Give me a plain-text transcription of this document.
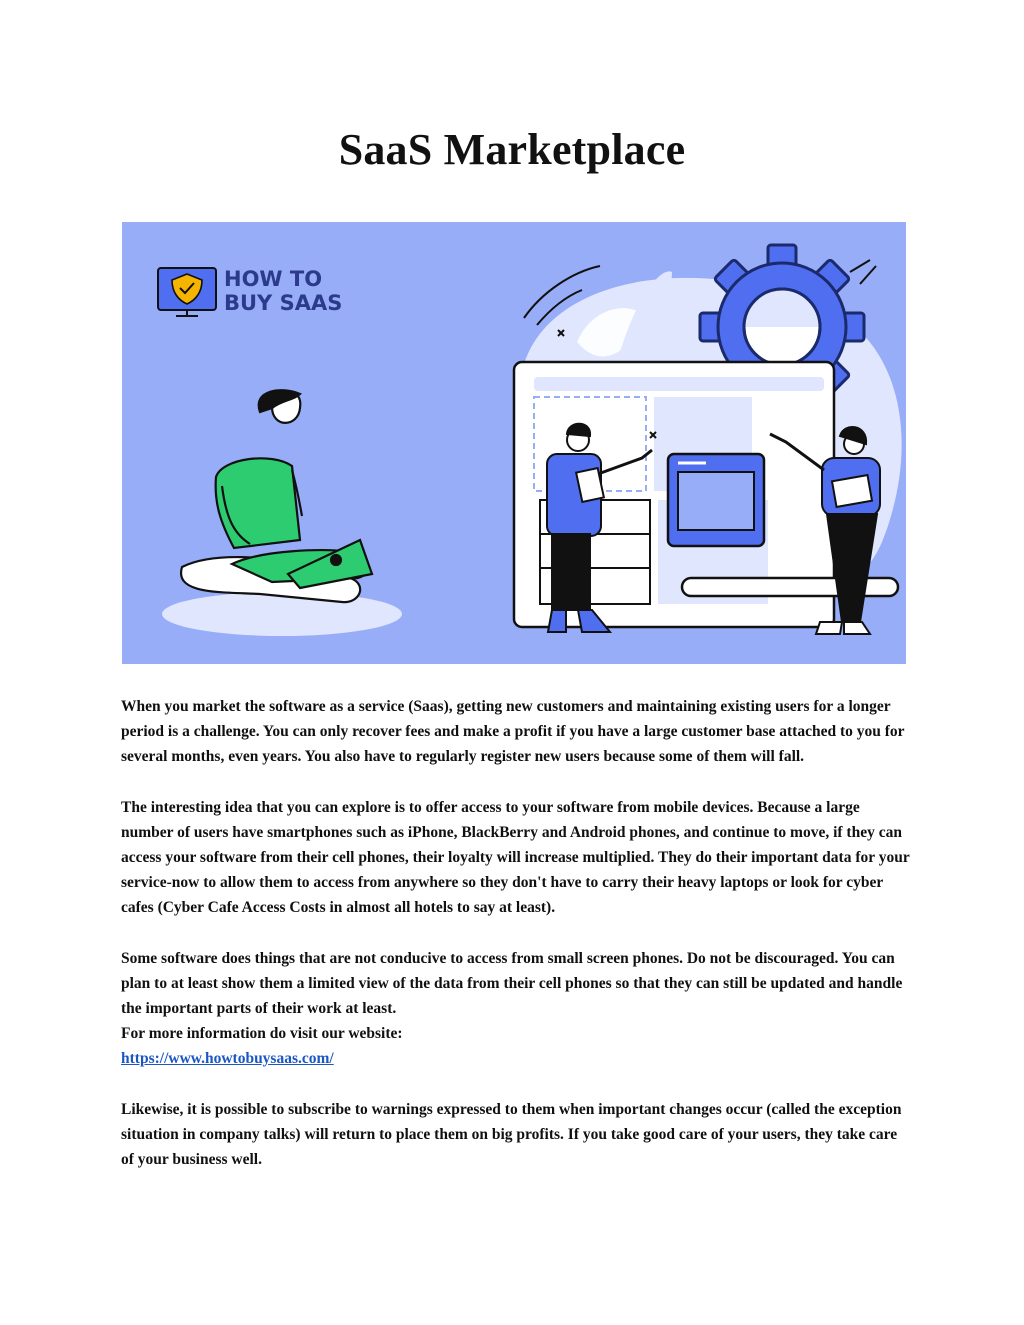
SaaS Marketplace
HOW TO
BUY SAAS

When you market the software as a service (Saas), getting new customers and maintaining existing users for a longer period is a challenge. You can only recover fees and make a profit if you have a large customer base attached to you for several months, even years. You also have to regularly register new users because some of them will fall.

The interesting idea that you can explore is to offer access to your software from mobile devices. Because a large number of users have smartphones such as iPhone, BlackBerry and Android phones, and continue to move, if they can access your software from their cell phones, their loyalty will increase multiplied. They do their important data for your service-now to allow them to access from anywhere so they don't have to carry their heavy laptops or look for cyber cafes (Cyber Cafe Access Costs in almost all hotels to say at least).

Some software does things that are not conducive to access from small screen phones. Do not be discouraged. You can plan to at least show them a limited view of the data from their cell phones so that they can still be updated and handle the important parts of their work at least.

For more information do visit our website:

https://www.howtobuysaas.com/

Likewise, it is possible to subscribe to warnings expressed to them when important changes occur (called the exception situation in company talks) will return to place them on big profits. If you take good care of your users, they take care of your business well.
